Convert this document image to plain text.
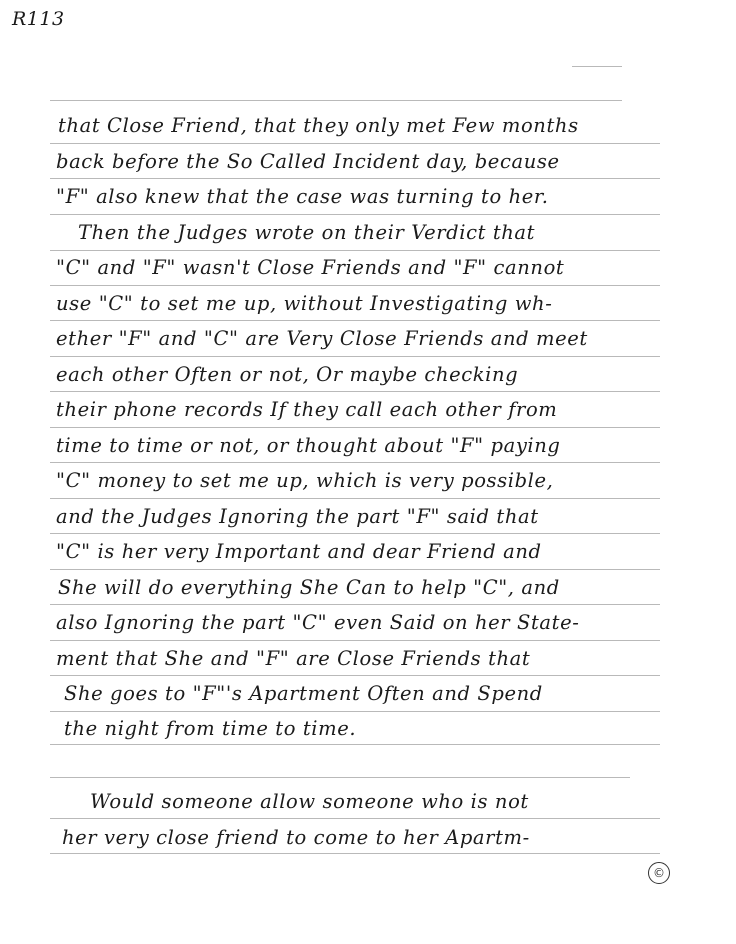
R113
that Close Friend, that they only met Few months
back before the So Called Incident day, because
"F" also knew that the case was turning to her.
Then the Judges wrote on their Verdict that
"C" and "F" wasn't Close Friends and "F" cannot
use "C" to set me up, without Investigating wh-
ether "F" and "C" are Very Close Friends and meet
each other Often or not, Or maybe checking
their phone records If they call each other from
time to time or not, or thought about "F" paying
"C" money to set me up, which is very possible,
and the Judges Ignoring the part "F" said that
"C" is her very Important and dear Friend and
She will do everything She Can to help "C", and
also Ignoring the part "C" even Said on her State-
ment that She and "F" are Close Friends that
She goes to "F"'s Apartment Often and Spend
the night from time to time.
Would someone allow someone who is not
her very close friend to come to her Apartm-
©
